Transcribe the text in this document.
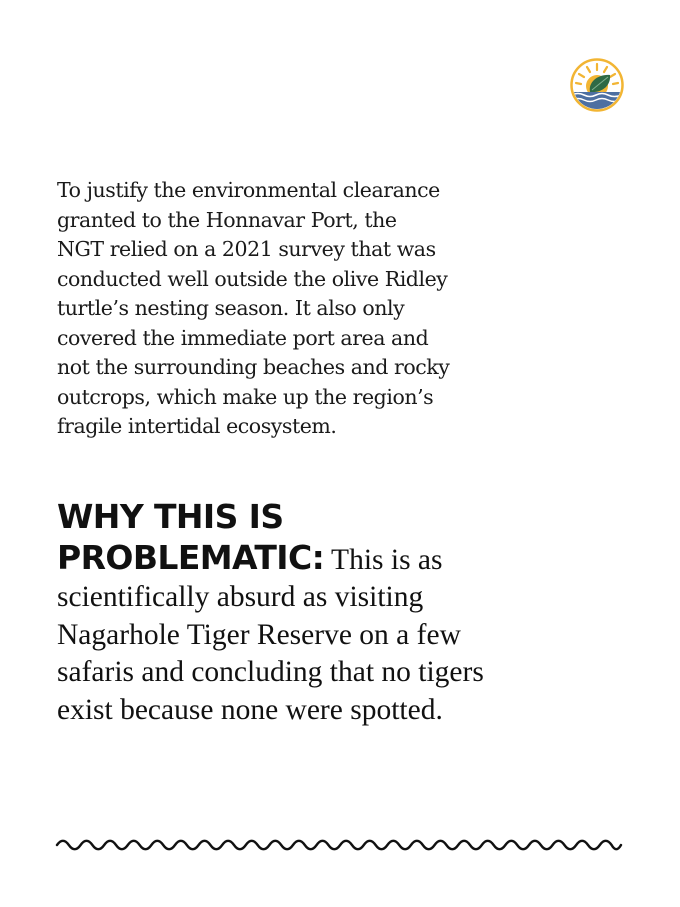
To justify the environmental clearance
granted to the Honnavar Port, the
NGT relied on a 2021 survey that was
conducted well outside the olive Ridley
turtle’s nesting season. It also only
covered the immediate port area and
not the surrounding beaches and rocky
outcrops, which make up the region’s
fragile intertidal ecosystem.

WHY THIS IS
PROBLEMATIC: This is as
scientifically absurd as visiting
Nagarhole Tiger Reserve on a few
safaris and concluding that no tigers
exist because none were spotted.
